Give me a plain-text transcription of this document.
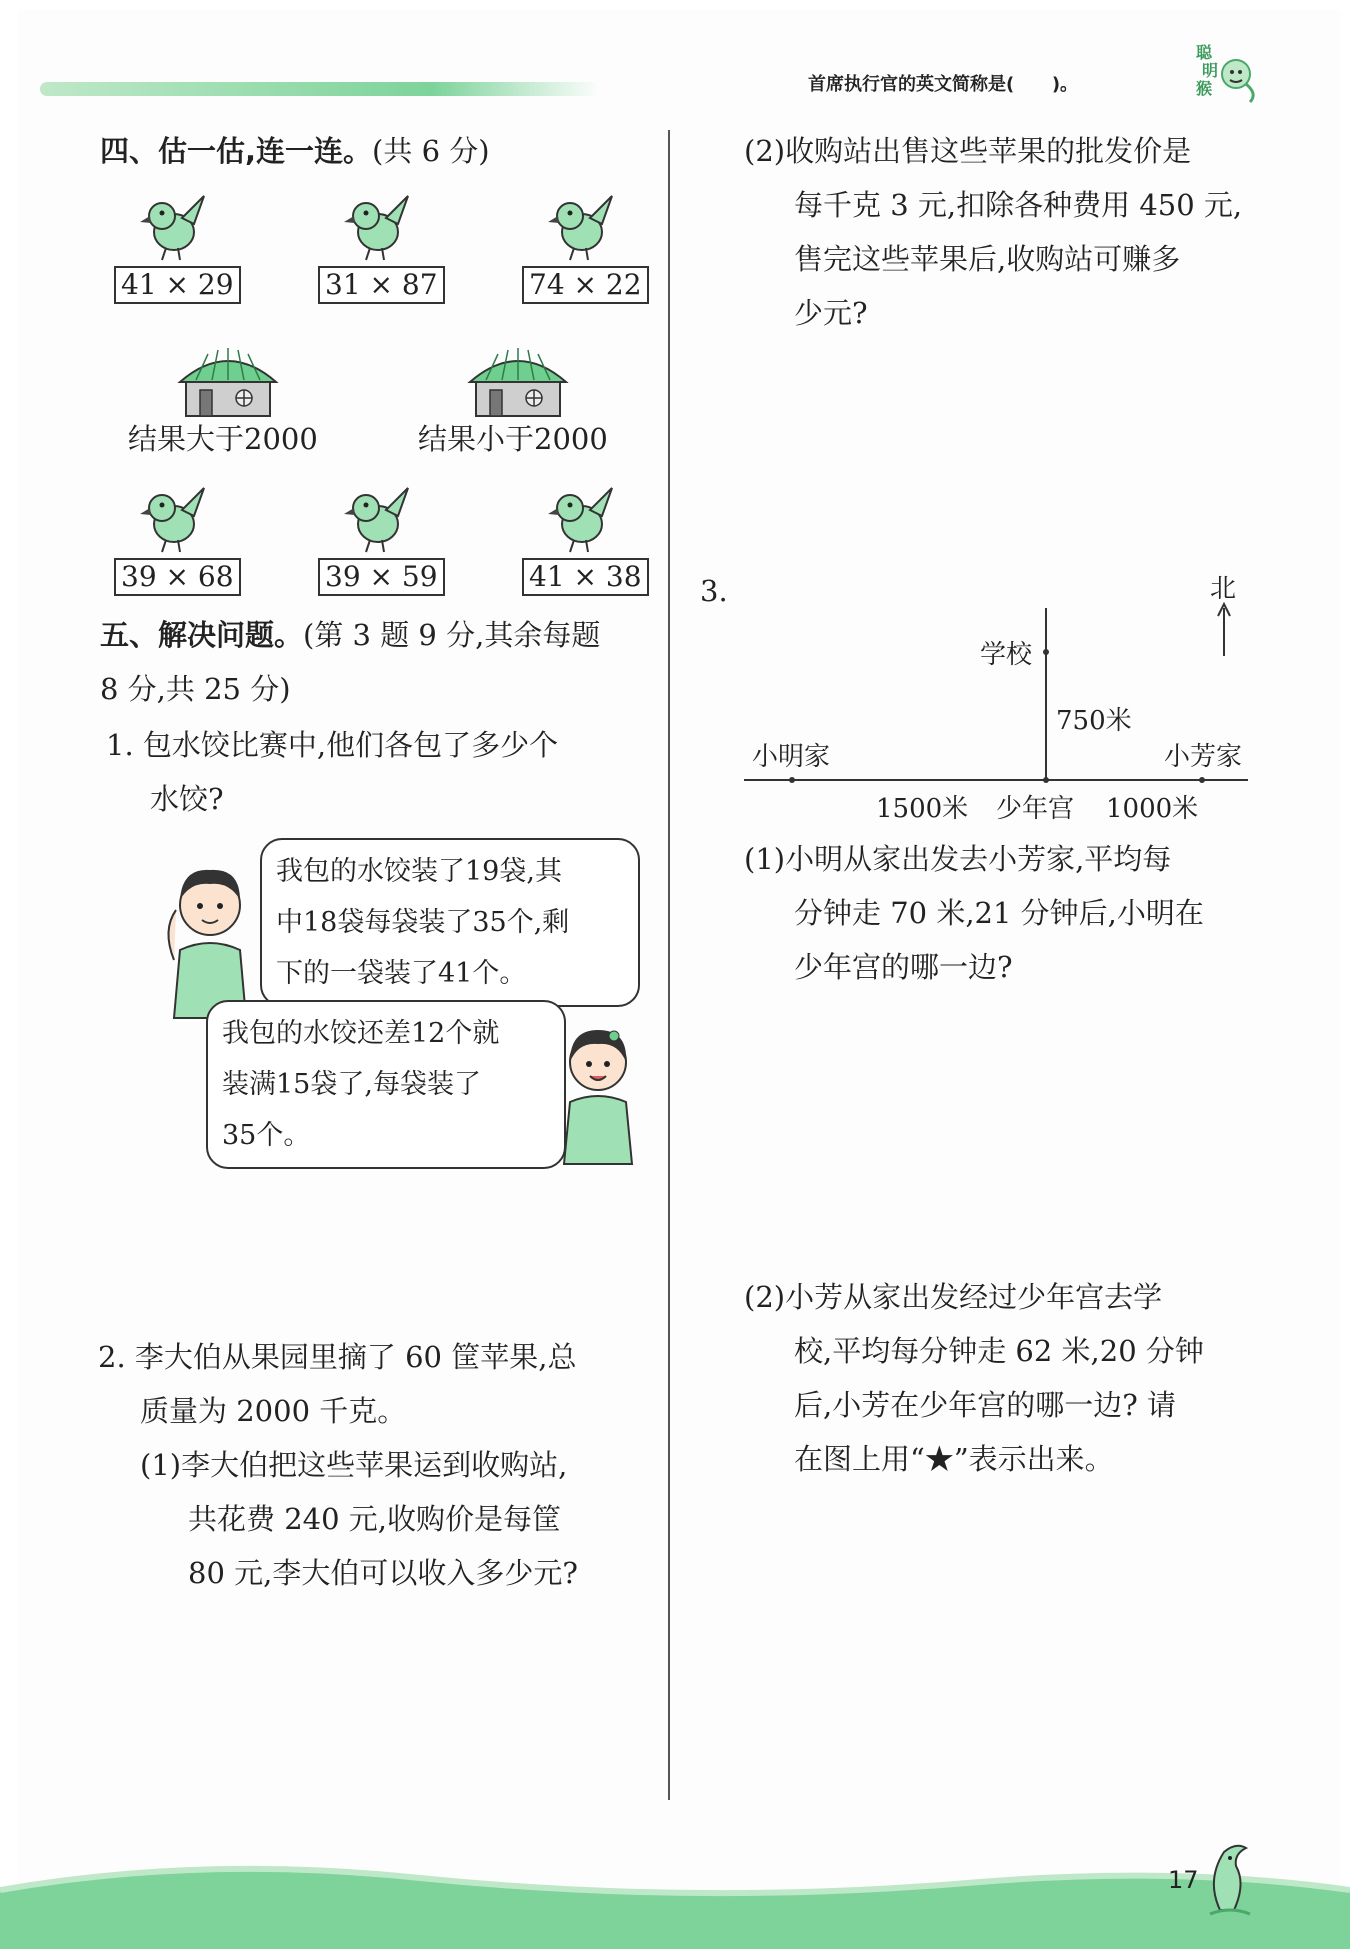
首席执行官的英文简称是(      )。
聪
明
猴
四、估一估,连一连。(共 6 分)
41 × 29	31 × 87	74 × 22
结果大于2000	结果小于2000
39 × 68	39 × 59	41 × 38
五、解决问题。(第 3 题 9 分,其余每题
8 分,共 25 分)
1. 包水饺比赛中,他们各包了多少个
水饺?
我包的水饺装了19袋,其
中18袋每袋装了35个,剩
下的一袋装了41个。
我包的水饺还差12个就
装满15袋了,每袋装了
35个。
2. 李大伯从果园里摘了 60 筐苹果,总
质量为 2000 千克。
(1)李大伯把这些苹果运到收购站,
共花费 240 元,收购价是每筐
80 元,李大伯可以收入多少元?
(2)收购站出售这些苹果的批发价是
每千克 3 元,扣除各种费用 450 元,
售完这些苹果后,收购站可赚多
少元?
3.	北
学校
750米
小明家	小芳家
1500米 少年宫 1000米
(1)小明从家出发去小芳家,平均每
分钟走 70 米,21 分钟后,小明在
少年宫的哪一边?
(2)小芳从家出发经过少年宫去学
校,平均每分钟走 62 米,20 分钟
后,小芳在少年宫的哪一边? 请
在图上用“★”表示出来。
17
